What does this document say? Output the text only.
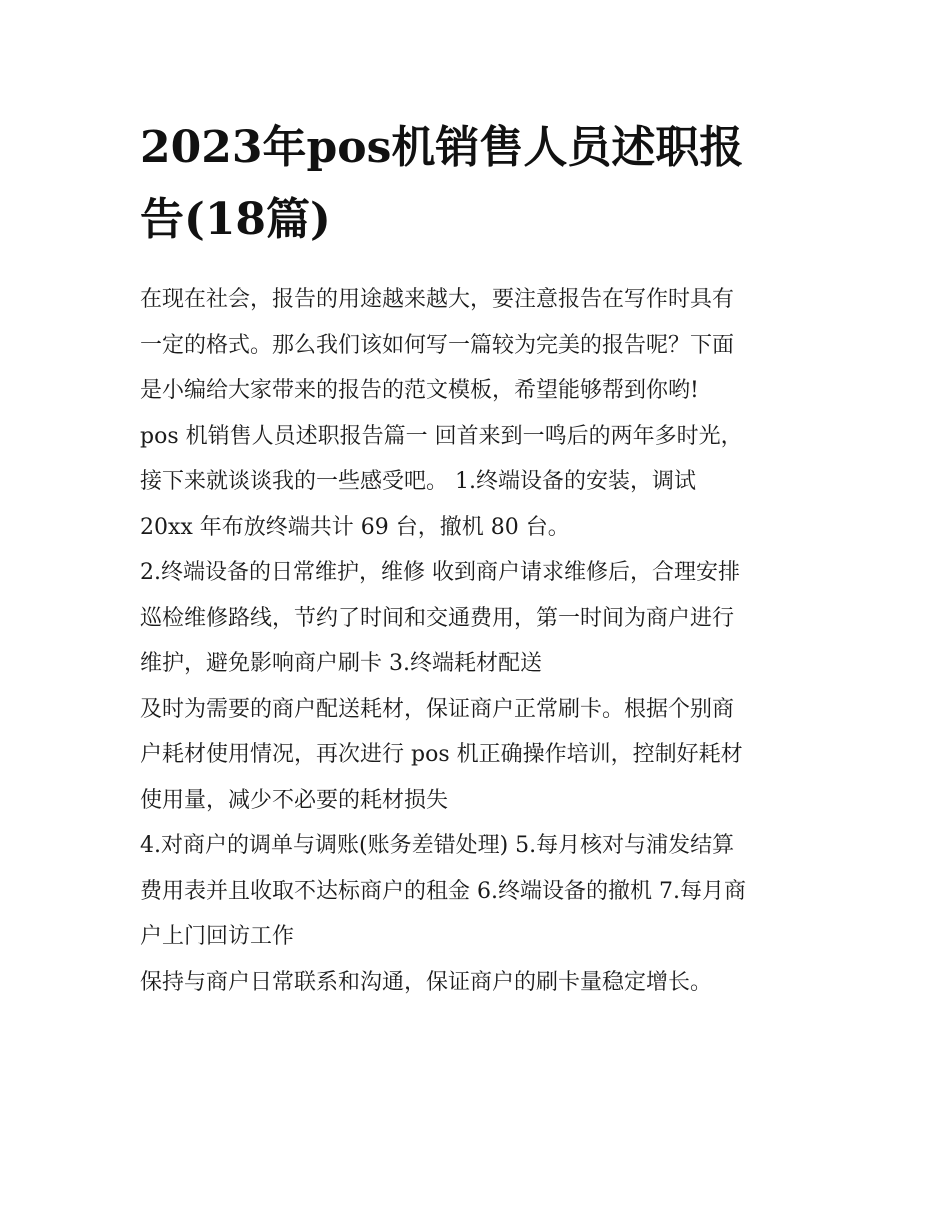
2023年pos机销售人员述职报
告(18篇)
在现在社会，报告的用途越来越大，要注意报告在写作时具有
一定的格式。那么我们该如何写一篇较为完美的报告呢？下面
是小编给大家带来的报告的范文模板，希望能够帮到你哟!
pos 机销售人员述职报告篇一 回首来到一鸣后的两年多时光，
接下来就谈谈我的一些感受吧。 1.终端设备的安装，调试
20xx 年布放终端共计 69 台，撤机 80 台。
2.终端设备的日常维护，维修 收到商户请求维修后，合理安排
巡检维修路线，节约了时间和交通费用，第一时间为商户进行
维护，避免影响商户刷卡 3.终端耗材配送
及时为需要的商户配送耗材，保证商户正常刷卡。根据个别商
户耗材使用情况，再次进行 pos 机正确操作培训，控制好耗材
使用量，减少不必要的耗材损失
4.对商户的调单与调账(账务差错处理) 5.每月核对与浦发结算
费用表并且收取不达标商户的租金 6.终端设备的撤机 7.每月商
户上门回访工作
保持与商户日常联系和沟通，保证商户的刷卡量稳定增长。
